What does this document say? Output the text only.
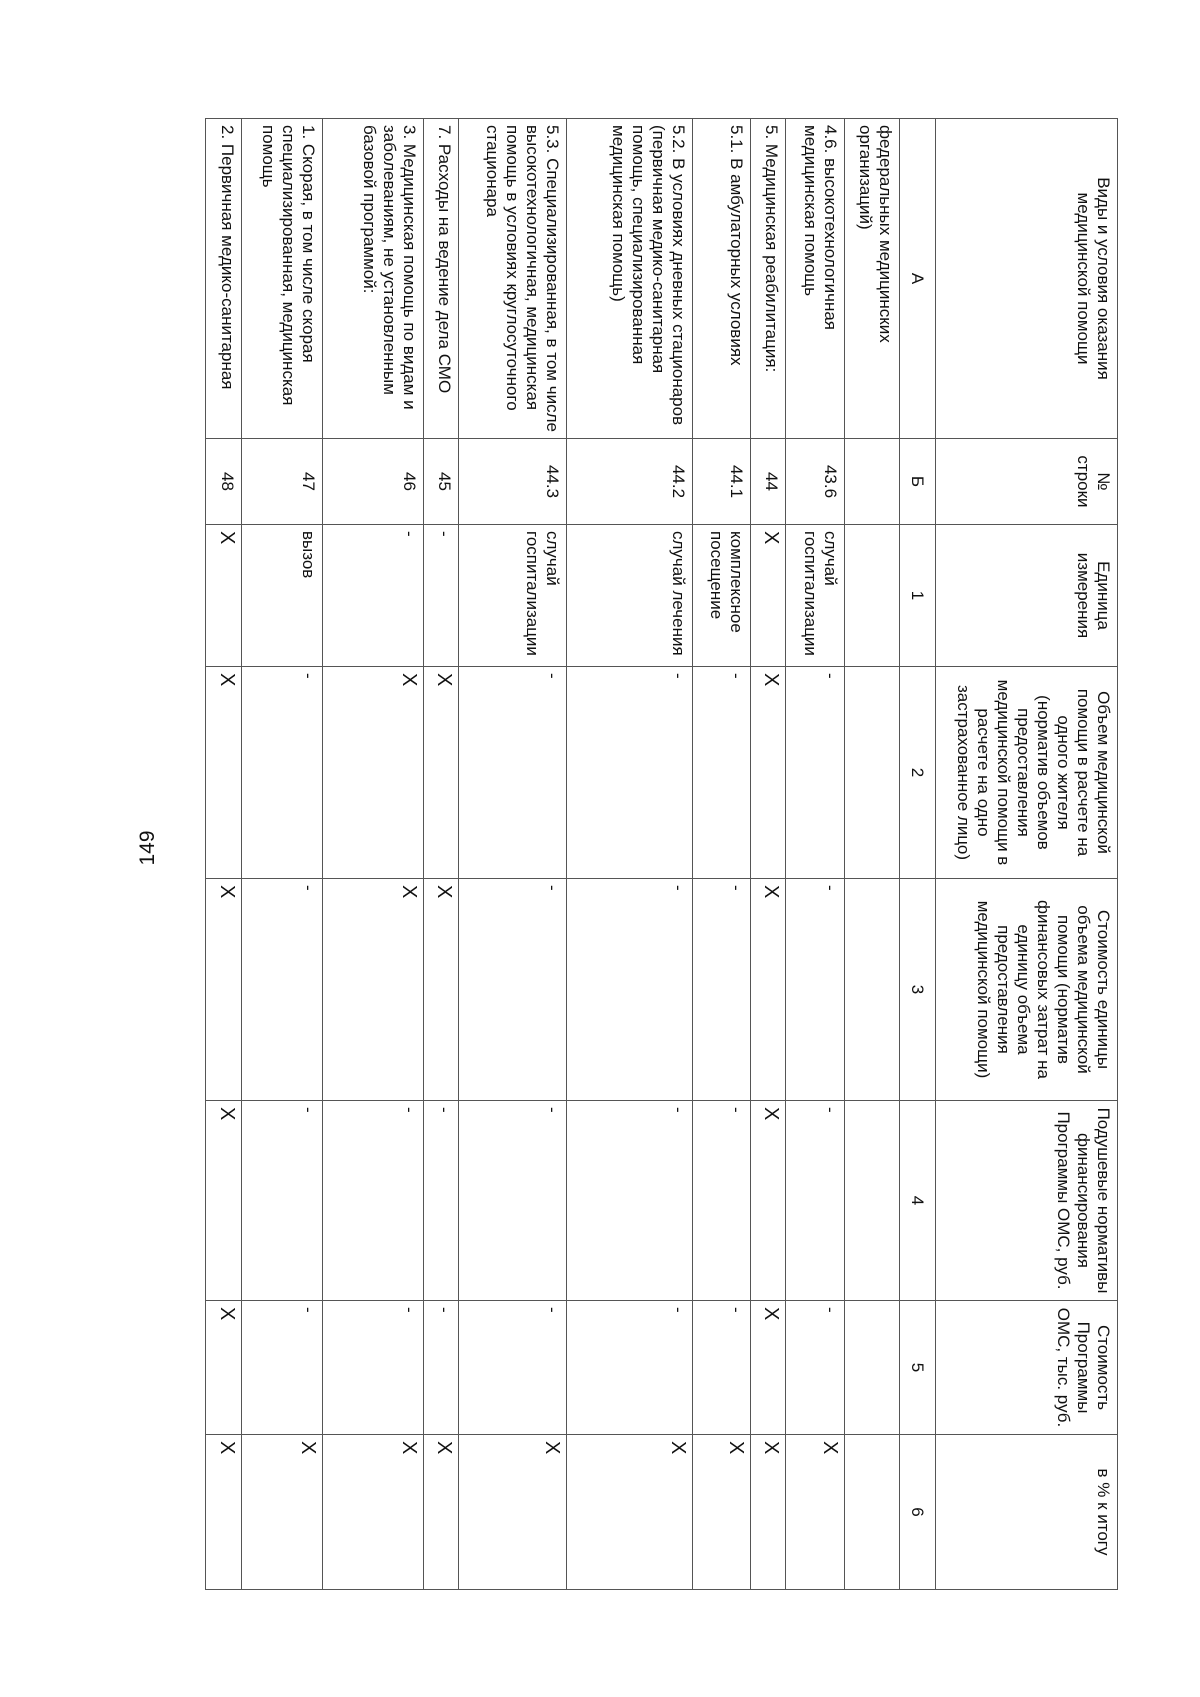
149
Виды и условия оказания медицинской помощи	№ строки	Единица измерения	Объем медицинской помощи в расчете на одного жителя (норматив объемов предоставления медицинской помощи в расчете на одно застрахованное лицо)	Стоимость единицы объема медицинской помощи (норматив финансовых затрат на единицу объема предоставления медицинской помощи)	Подушевые нормативы финансирования Программы ОМС, руб.	Стоимость Программы ОМС, тыс. руб.	в % к итогу
А	Б	1	2	3	4	5	6
федеральных медицинских организаций)							
4.6. высокотехнологичная медицинская помощь	43.6	случай госпитализации	-	-	-	-	X
5. Медицинская реабилитация:	44	X	X	X	X	X	X
5.1. В амбулаторных условиях	44.1	комплексное посещение	-	-	-	-	X
5.2. В условиях дневных стационаров (первичная медико-санитарная помощь, специализированная медицинская помощь)	44.2	случай лечения	-	-	-	-	X
5.3. Специализированная, в том числе высокотехнологичная, медицинская помощь в условиях круглосуточного стационара	44.3	случай госпитализации	-	-	-	-	X
7. Расходы на ведение дела СМО	45	-	X	X	-	-	X
3. Медицинская помощь по видам и заболеваниям, не установленным базовой программой:	46	-	X	X	-	-	X
1. Скорая, в том числе скорая специализированная, медицинская помощь	47	вызов	-	-	-	-	X
2. Первичная медико-санитарная	48	X	X	X	X	X	X
